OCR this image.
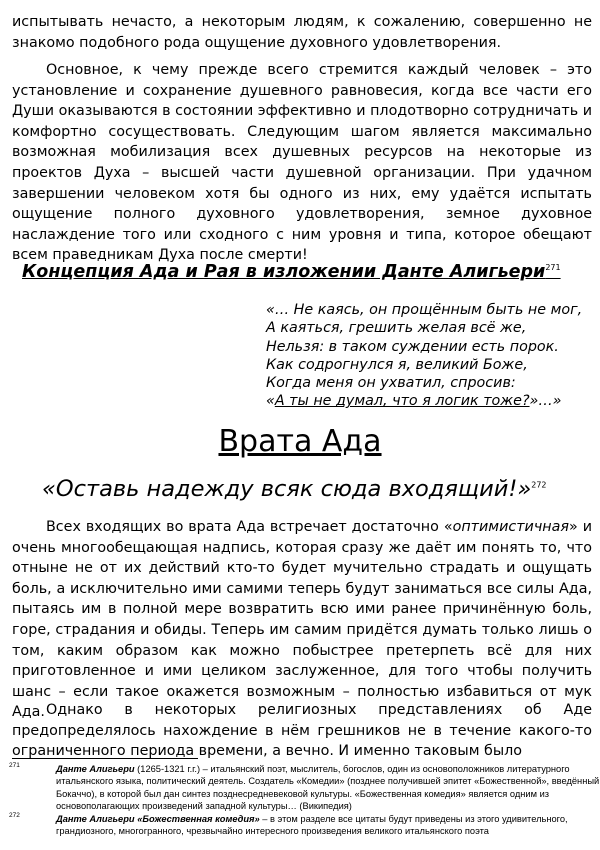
испытывать нечасто, а некоторым людям, к сожалению, совершенно не знакомо подобного рода ощущение духовного удовлетворения.

Основное, к чему прежде всего стремится каждый человек – это установление и сохранение душевного равновесия, когда все части его Души оказываются в состоянии эффективно и плодотворно сотрудничать и комфортно сосуществовать. Следующим шагом является максимально возможная мобилизация всех душевных ресурсов на некоторые из проектов Духа – высшей части душевной организации. При удачном завершении человеком хотя бы одного из них, ему удаётся испытать ощущение полного духовного удовлетворения, земное духовное наслаждение того или сходного с ним уровня и типа, которое обещают всем праведникам Духа после смерти!

Концепция Ада и Рая в изложении Данте Алигьери$^{271}$
«… Не каясь, он прощённым быть не мог,
А каяться, грешить желая всё же,
Нельзя: в таком суждении есть порок.
Как содрогнулся я, великий Боже,
Когда меня он ухватил, спросив:
«А ты не думал, что я логик тоже?»…»
Врата Ада
«Оставь надежду всяк сюда входящий!»$^{272}$

Всех входящих во врата Ада встречает достаточно «оптимистичная» и очень многообещающая надпись, которая сразу же даёт им понять то, что отныне не от их действий кто-то будет мучительно страдать и ощущать боль, а исключительно ими самими теперь будут заниматься все силы Ада, пытаясь им в полной мере возвратить всю ими ранее причинённую боль, горе, страдания и обиды. Теперь им самим придётся думать только лишь о том, каким образом как можно побыстрее претерпеть всё для них приготовленное и ими целиком заслуженное, для того чтобы получить шанс – если такое окажется возможным – полностью избавиться от мук Ада. Однако в некоторых религиозных представлениях об Аде предопределялось нахождение в нём грешников не в течение какого-то ограниченного периода времени, а вечно. И именно таковым было

271	Данте Алигьери (1265-1321 г.г.) – итальянский поэт, мыслитель, богослов, один из основоположников литературного итальянского языка, политический деятель. Создатель «Комедии» (позднее получившей эпитет «Божественной», введённый Бокаччо), в которой был дан синтез позднесредневековой культуры. «Божественная комедия» является одним из основополагающих произведений западной культуры… (Википедия)
272	Данте Алигьери «Божественная комедия» – в этом разделе все цитаты будут приведены из этого удивительного, грандиозного, многогранного, чрезвычайно интересного произведения великого итальянского поэта
